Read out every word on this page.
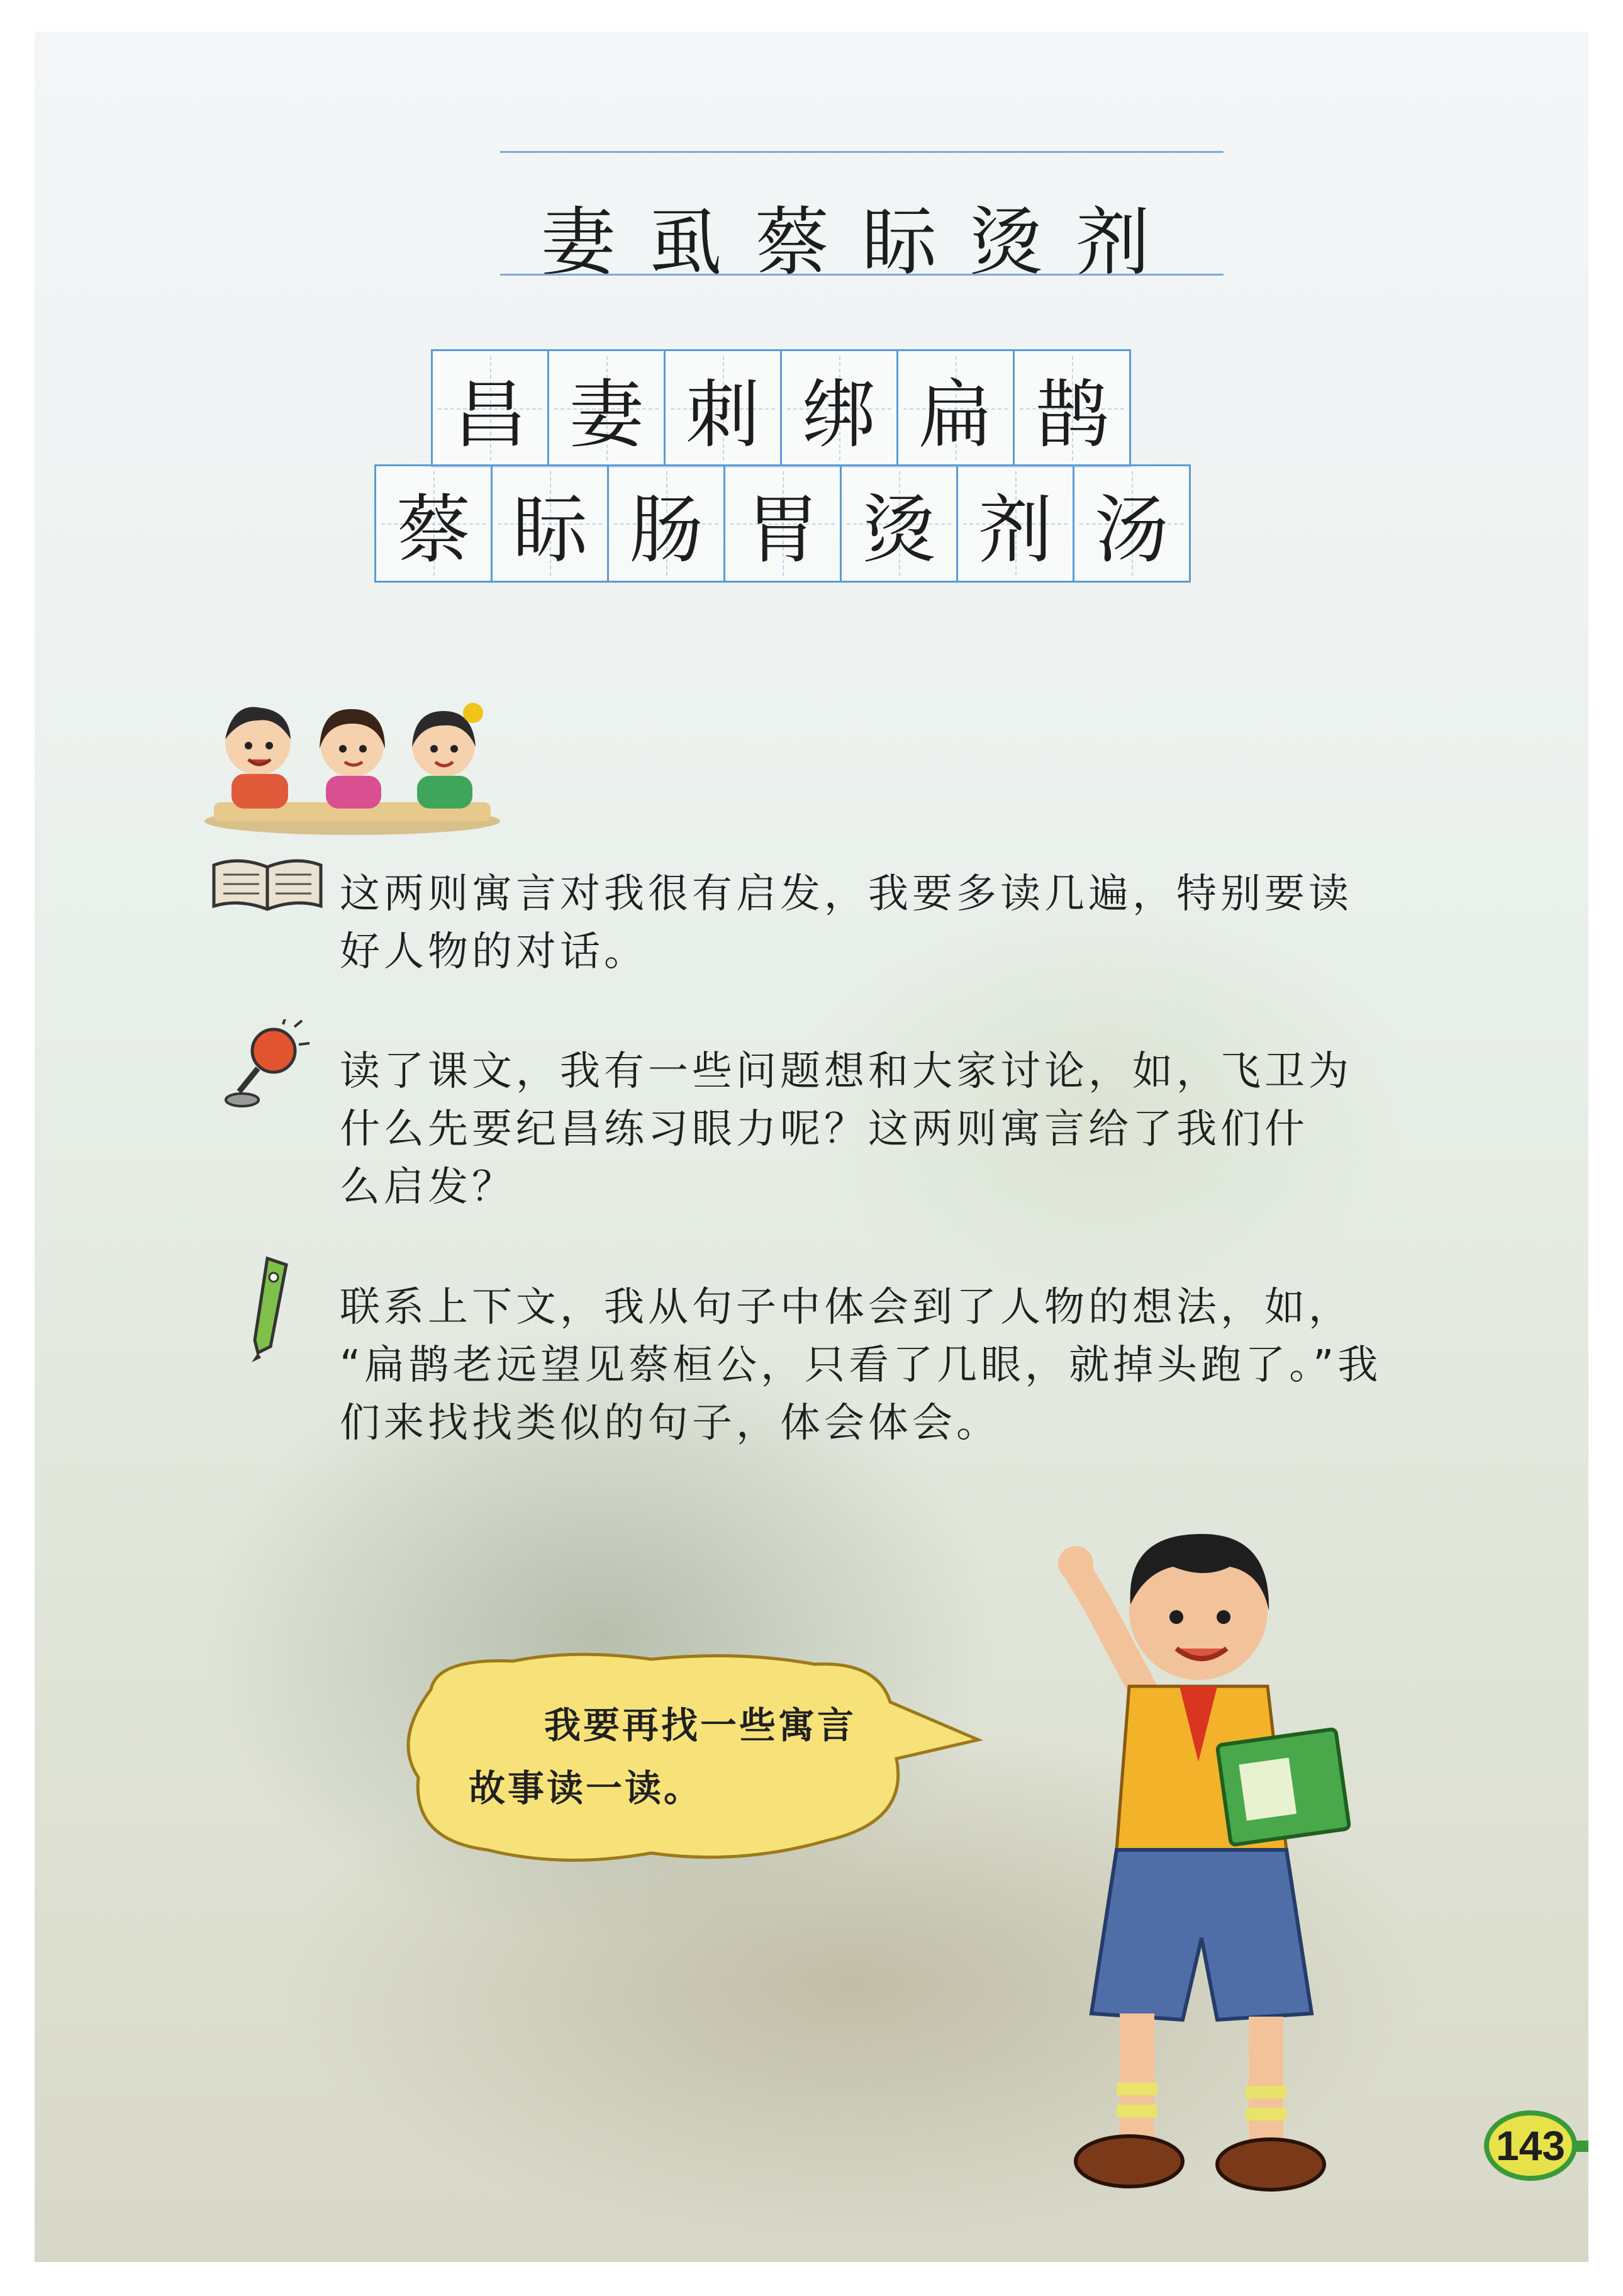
妻虱蔡眎烫剂
昌 妻 刺 绑 扁 鹊
蔡 眎 肠 胃 烫 剂 汤
这两则寓言对我很有启发，我要多读几遍，特别要读
好人物的对话。
读了课文，我有一些问题想和大家讨论，如，飞卫为
什么先要纪昌练习眼力呢？这两则寓言给了我们什
么启发？
联系上下文，我从句子中体会到了人物的想法，如，
“扁鹊老远望见蔡桓公，只看了几眼，就掉头跑了。”我
们来找找类似的句子，体会体会。
我要再找一些寓言
故事读一读。
143
